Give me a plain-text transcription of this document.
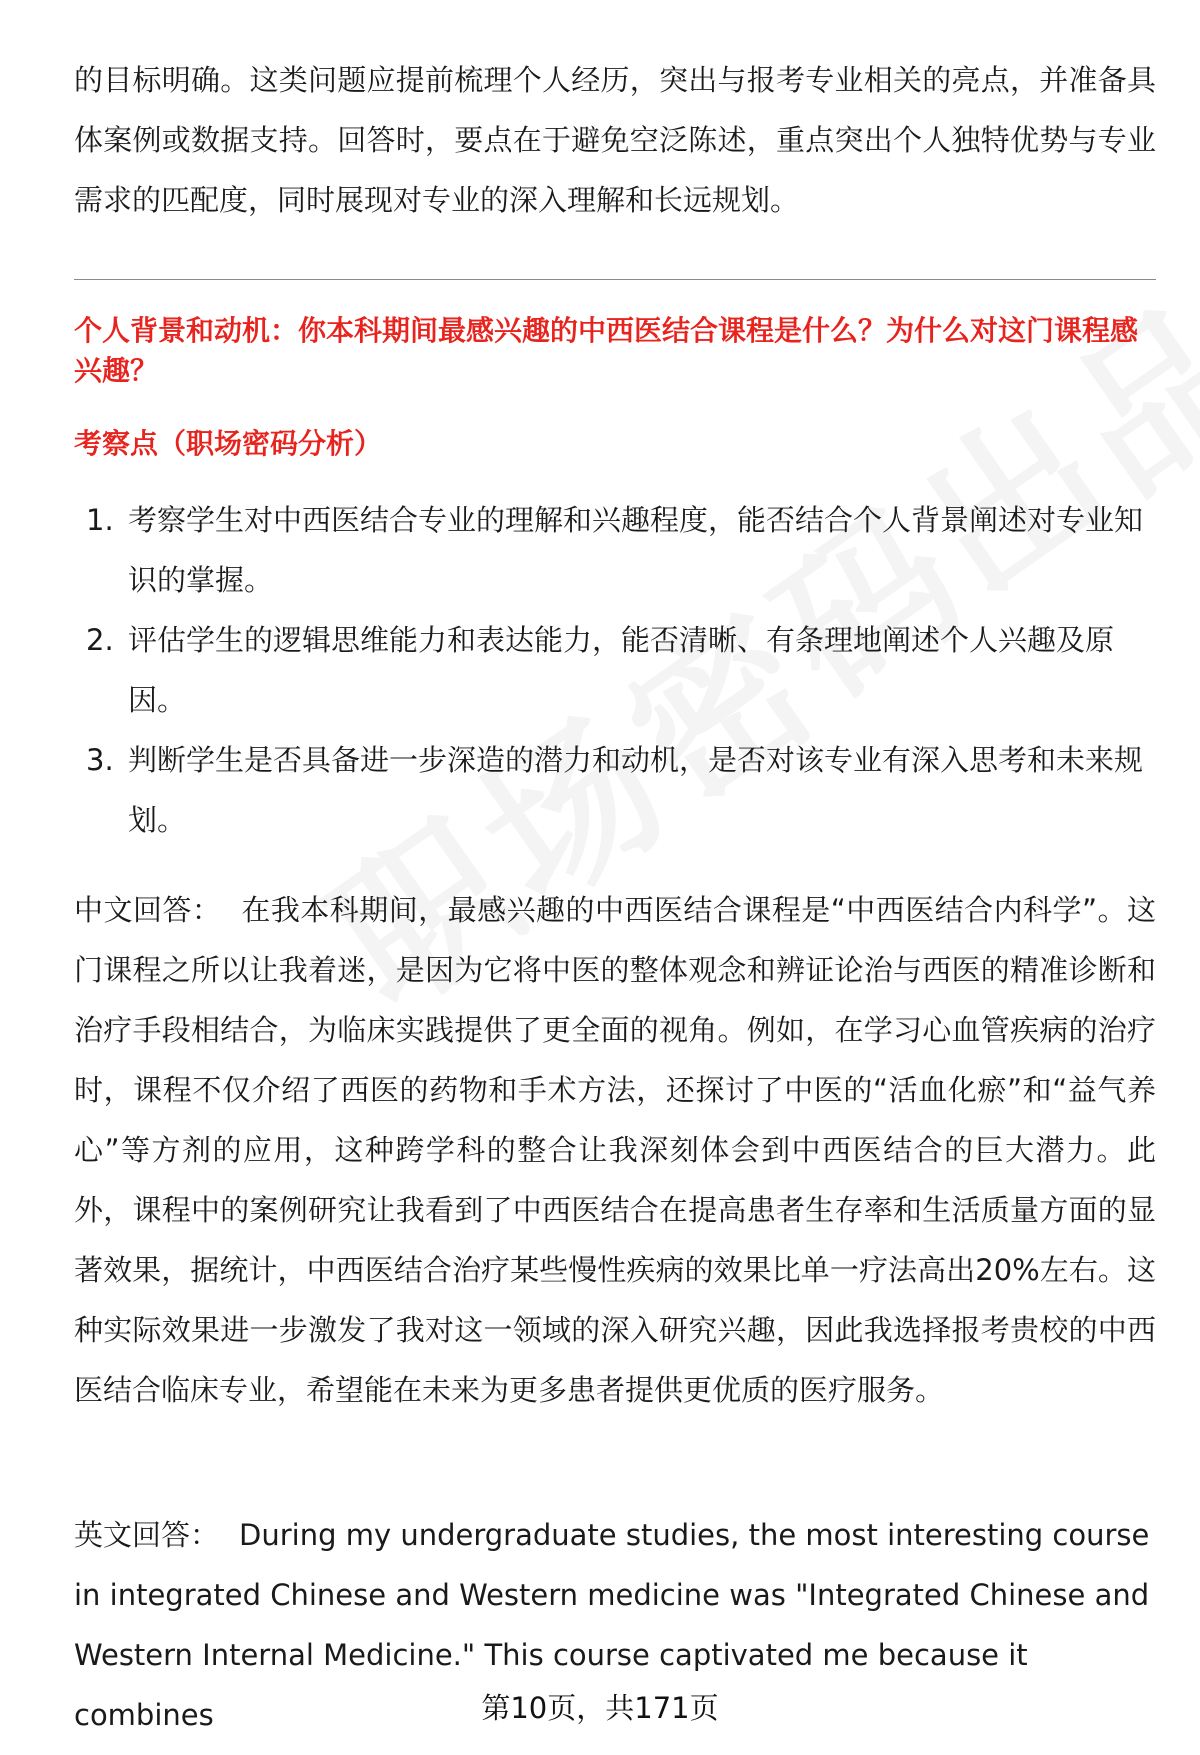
的目标明确。这类问题应提前梳理个人经历，突出与报考专业相关的亮点，并准备具体案例或数据支持。回答时，要点在于避免空泛陈述，重点突出个人独特优势与专业需求的匹配度，同时展现对专业的深入理解和长远规划。

个人背景和动机：你本科期间最感兴趣的中西医结合课程是什么？为什么对这门课程感兴趣？
考察点（职场密码分析）
1. 考察学生对中西医结合专业的理解和兴趣程度，能否结合个人背景阐述对专业知识的掌握。
2. 评估学生的逻辑思维能力和表达能力，能否清晰、有条理地阐述个人兴趣及原因。
3. 判断学生是否具备进一步深造的潜力和动机，是否对该专业有深入思考和未来规划。

中文回答： 在我本科期间，最感兴趣的中西医结合课程是“中西医结合内科学”。这门课程之所以让我着迷，是因为它将中医的整体观念和辨证论治与西医的精准诊断和治疗手段相结合，为临床实践提供了更全面的视角。例如，在学习心血管疾病的治疗时，课程不仅介绍了西医的药物和手术方法，还探讨了中医的“活血化瘀”和“益气养心”等方剂的应用，这种跨学科的整合让我深刻体会到中西医结合的巨大潜力。此外，课程中的案例研究让我看到了中西医结合在提高患者生存率和生活质量方面的显著效果，据统计，中西医结合治疗某些慢性疾病的效果比单一疗法高出20%左右。这种实际效果进一步激发了我对这一领域的深入研究兴趣，因此我选择报考贵校的中西医结合临床专业，希望能在未来为更多患者提供更优质的医疗服务。

英文回答： During my undergraduate studies, the most interesting course in integrated Chinese and Western medicine was "Integrated Chinese and Western Internal Medicine." This course captivated me because it combines	第10页，共171页
